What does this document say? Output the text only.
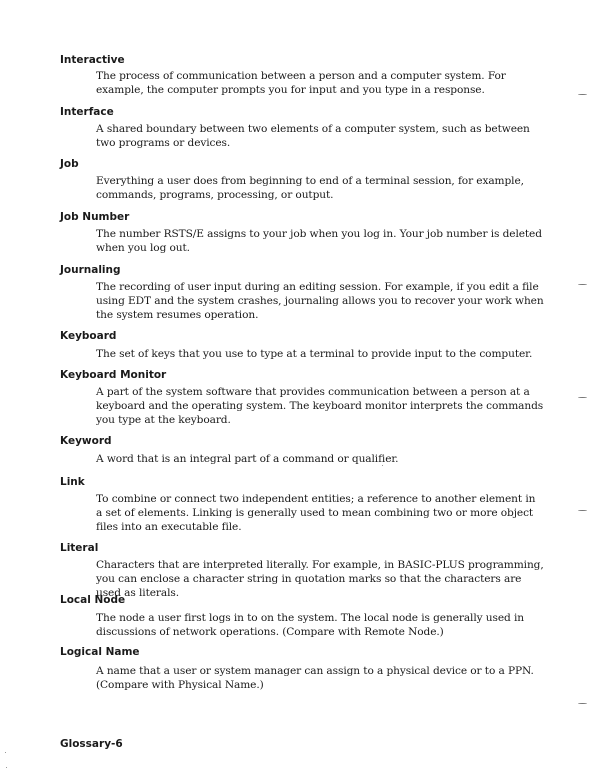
Interactive
The process of communication between a person and a computer system. For example, the computer prompts you for input and you type in a response.
Interface
A shared boundary between two elements of a computer system, such as between two programs or devices.
Job
Everything a user does from beginning to end of a terminal session, for example, commands, programs, processing, or output.
Job Number
The number RSTS/E assigns to your job when you log in. Your job number is deleted when you log out.
Journaling
The recording of user input during an editing session. For example, if you edit a file using EDT and the system crashes, journaling allows you to recover your work when the system resumes operation.
Keyboard
The set of keys that you use to type at a terminal to provide input to the computer.
Keyboard Monitor
A part of the system software that provides communication between a person at a keyboard and the operating system. The keyboard monitor interprets the commands you type at the keyboard.
Keyword
A word that is an integral part of a command or qualifier.
Link
To combine or connect two independent entities; a reference to another element in a set of elements. Linking is generally used to mean combining two or more object files into an executable file.
Literal
Characters that are interpreted literally. For example, in BASIC-PLUS programming, you can enclose a character string in quotation marks so that the characters are used as literals.
Local Node
The node a user first logs in to on the system. The local node is generally used in discussions of network operations. (Compare with Remote Node.)
Logical Name
A name that a user or system manager can assign to a physical device or to a PPN. (Compare with Physical Name.)
Glossary-6
